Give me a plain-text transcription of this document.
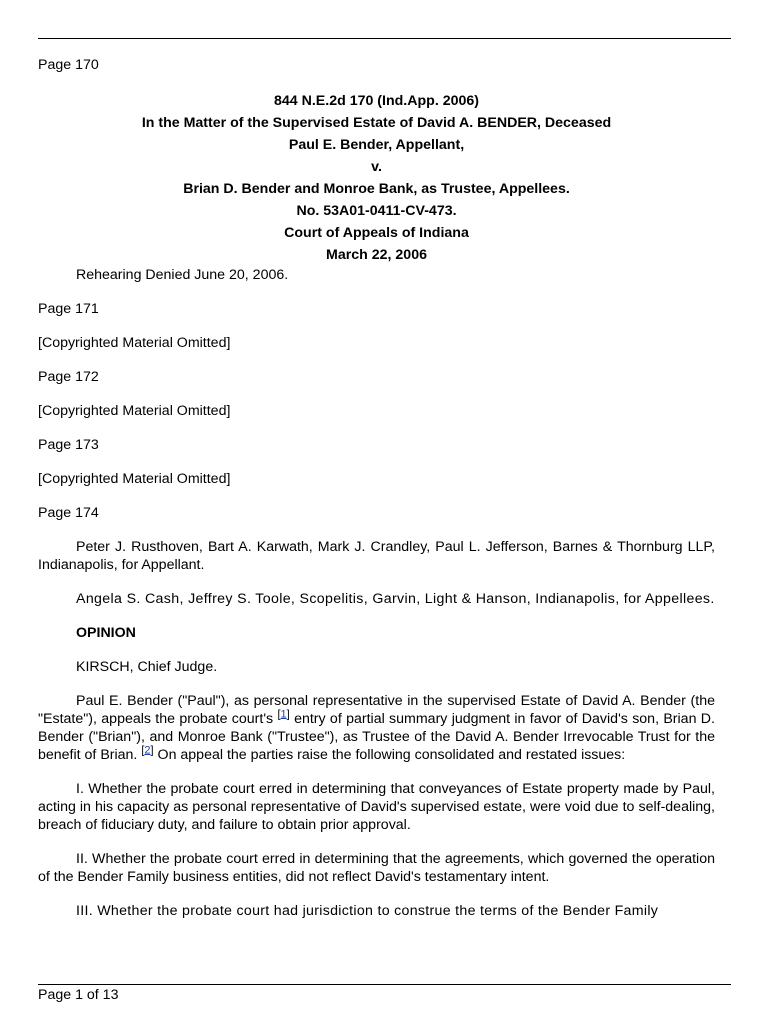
Page 170

844 N.E.2d 170 (Ind.App. 2006)

In the Matter of the Supervised Estate of David A. BENDER, Deceased

Paul E. Bender, Appellant,

v.

Brian D. Bender and Monroe Bank, as Trustee, Appellees.

No. 53A01-0411-CV-473.

Court of Appeals of Indiana

March 22, 2006

Rehearing Denied June 20, 2006.

Page 171

[Copyrighted Material Omitted]

Page 172

[Copyrighted Material Omitted]

Page 173

[Copyrighted Material Omitted]

Page 174

Peter J. Rusthoven, Bart A. Karwath, Mark J. Crandley, Paul L. Jefferson, Barnes & Thornburg LLP, Indianapolis, for Appellant.

Angela S. Cash, Jeffrey S. Toole, Scopelitis, Garvin, Light & Hanson, Indianapolis, for Appellees.

OPINION

KIRSCH, Chief Judge.

Paul E. Bender ("Paul"), as personal representative in the supervised Estate of David A. Bender (the "Estate"), appeals the probate court's [1] entry of partial summary judgment in favor of David's son, Brian D. Bender ("Brian"), and Monroe Bank ("Trustee"), as Trustee of the David A. Bender Irrevocable Trust for the benefit of Brian. [2] On appeal the parties raise the following consolidated and restated issues:

I. Whether the probate court erred in determining that conveyances of Estate property made by Paul, acting in his capacity as personal representative of David's supervised estate, were void due to self-dealing, breach of fiduciary duty, and failure to obtain prior approval.

II. Whether the probate court erred in determining that the agreements, which governed the operation of the Bender Family business entities, did not reflect David's testamentary intent.

III. Whether the probate court had jurisdiction to construe the terms of the Bender Family

Page 1 of 13
